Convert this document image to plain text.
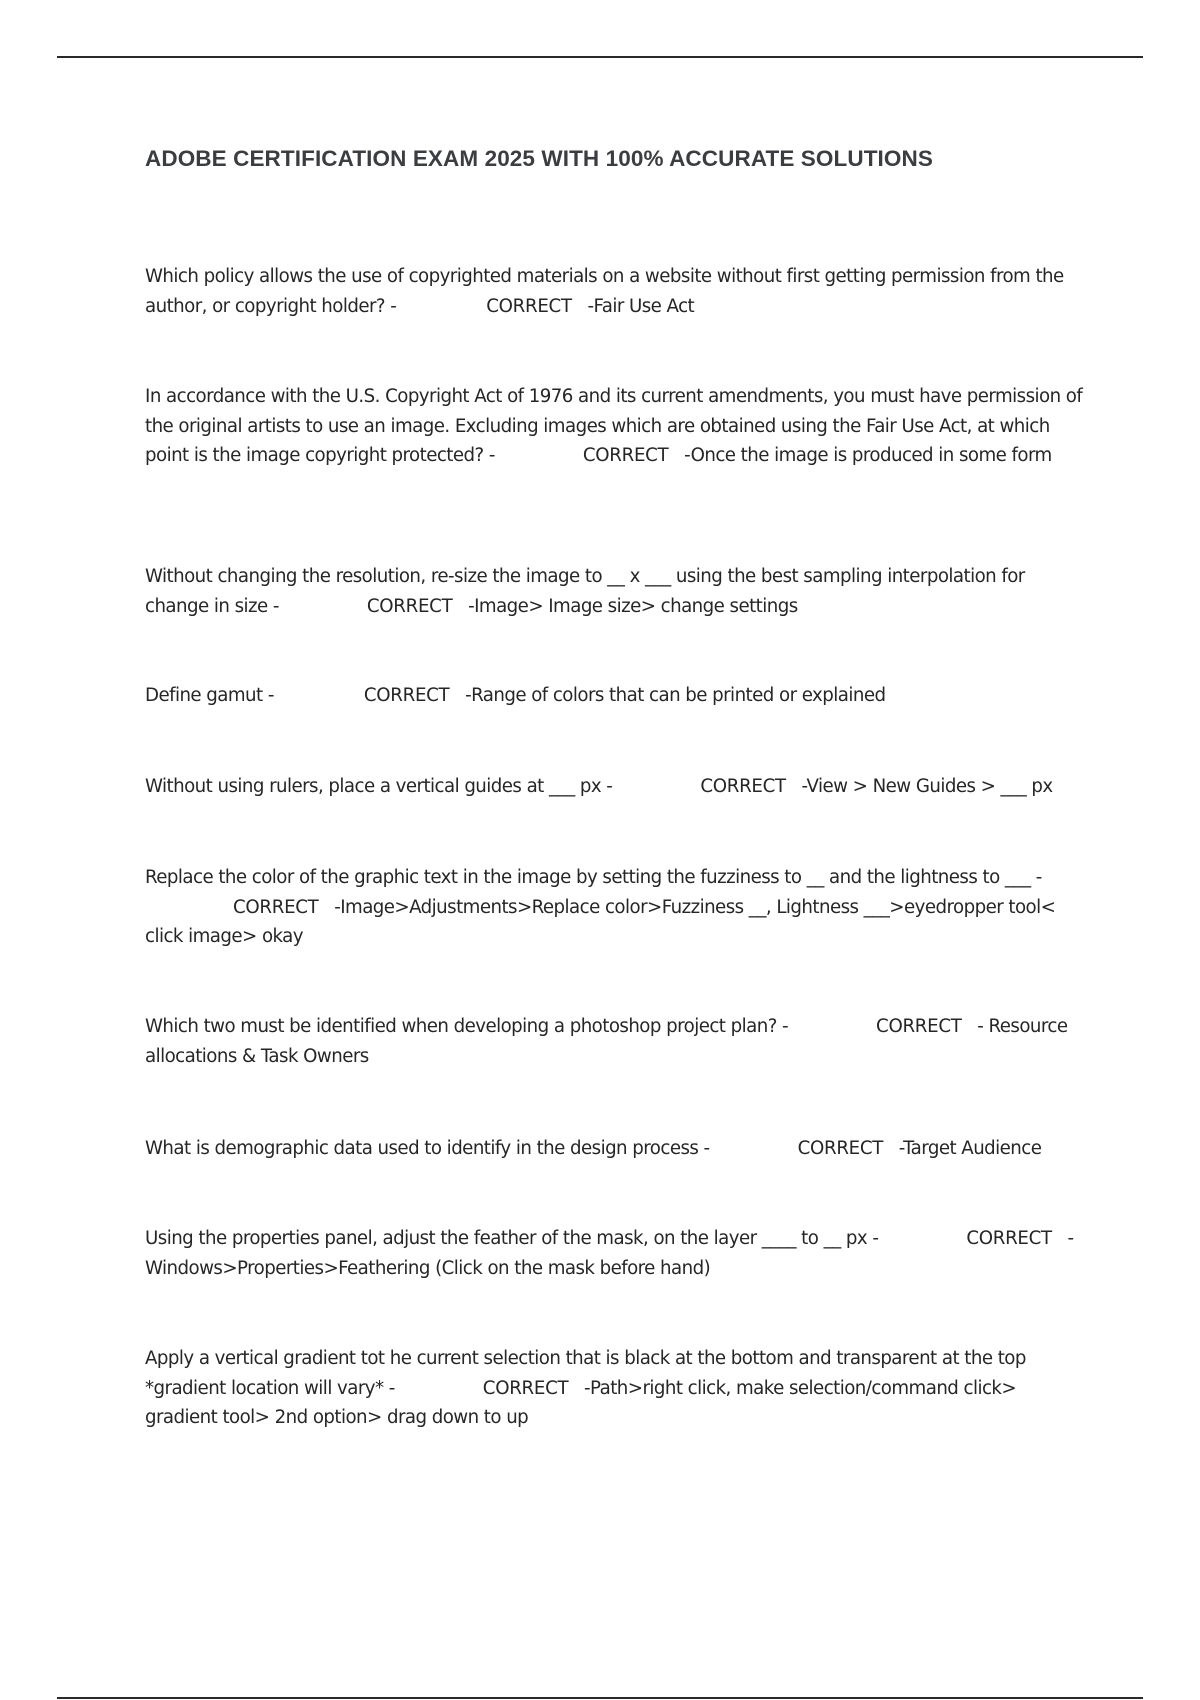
ADOBE CERTIFICATION EXAM 2025 WITH 100% ACCURATE SOLUTIONS

Which policy allows the use of copyrighted materials on a website without first getting permission from the author, or copyright holder? -	CORRECT -Fair Use Act

In accordance with the U.S. Copyright Act of 1976 and its current amendments, you must have permission of the original artists to use an image. Excluding images which are obtained using the Fair Use Act, at which point is the image copyright protected? -	CORRECT -Once the image is produced in some form

Without changing the resolution, re-size the image to __ x ___ using the best sampling interpolation for change in size -	CORRECT -Image> Image size> change settings

Define gamut -	CORRECT -Range of colors that can be printed or explained

Without using rulers, place a vertical guides at ___ px -	CORRECT -View > New Guides > ___ px

Replace the color of the graphic text in the image by setting the fuzziness to __ and the lightness to ___ -CORRECT -Image>Adjustments>Replace color>Fuzziness __, Lightness ___>eyedropper tool< click image> okay

Which two must be identified when developing a photoshop project plan? -	CORRECT - Resource allocations & Task Owners

What is demographic data used to identify in the design process -	CORRECT -Target Audience

Using the properties panel, adjust the feather of the mask, on the layer ____ to __ px -	CORRECT -Windows>Properties>Feathering (Click on the mask before hand)

Apply a vertical gradient tot he current selection that is black at the bottom and transparent at the top *gradient location will vary* -	CORRECT -Path>right click, make selection/command click> gradient tool> 2nd option> drag down to up
